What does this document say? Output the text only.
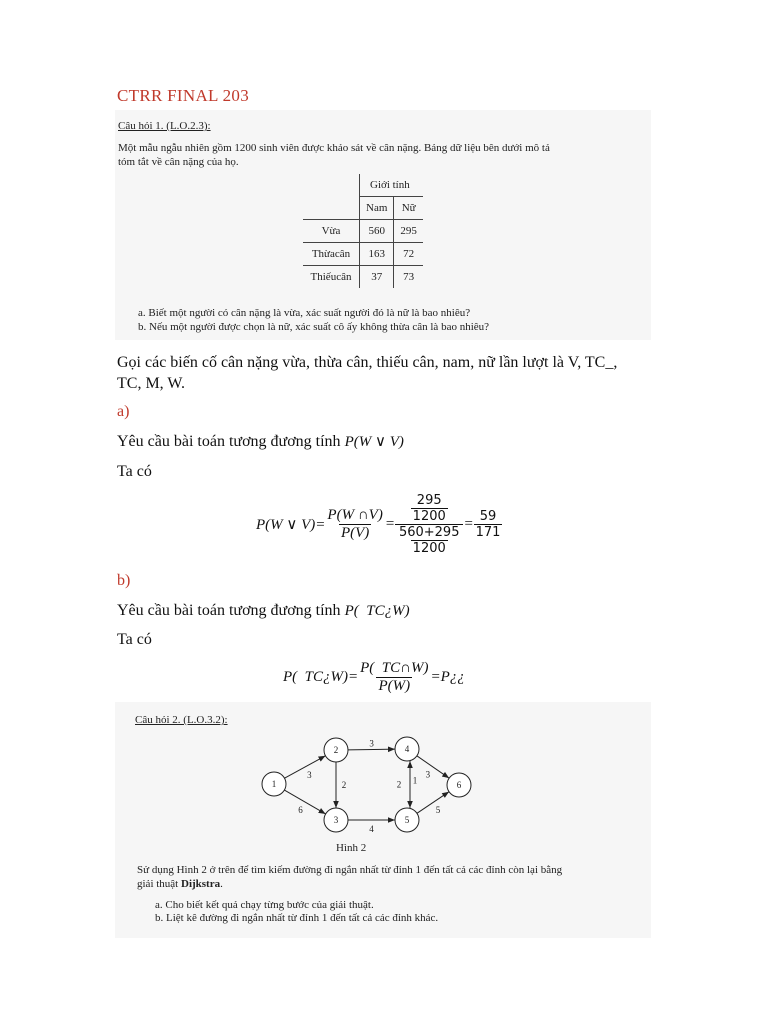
CTRR FINAL 203
Câu hỏi 1. (L.O.2.3):
Một mẫu ngẫu nhiên gồm 1200 sinh viên được khảo sát về cân nặng. Bảng dữ liệu bên dưới mô tả
tóm tắt về cân nặng của họ.
	Giới tính	
	Nam	Nữ
Vừa	560	295
Thừacân	163	72
Thiếucân	37	73
a. Biết một người có cân nặng là vừa, xác suất người đó là nữ là bao nhiêu?
b. Nếu một người được chọn là nữ, xác suất cô ấy không thừa cân là bao nhiêu?
Gọi các biến cố cân nặng vừa, thừa cân, thiếu cân, nam, nữ lần lượt là V, TC_,
TC, M, W.
a)
Yêu cầu bài toán tương đương tính P(W ∨ V)
Ta có
P(W ∨ $V)= \frac{P(W \cap V)}{P(V)} = \frac{\frac{295}{1200}}{\frac{560+295}{1200}} = \frac{59}{171}$
b)
Yêu cầu bài toán tương đương tính P(  TC¿W)
Ta có
P(  TC¿W)= $\frac{P( TC\cap W)}{P(W)}$ =P¿¿
Câu hỏi 2. (L.O.3.2):
3
6
2
3
4
2 1
3
5
1
2
3
4
5
6
Hình 2
Sử dụng Hình 2 ở trên để tìm kiếm đường đi ngắn nhất từ đỉnh 1 đến tất cả các đỉnh còn lại bằng
giải thuật Dijkstra.
a. Cho biết kết quả chạy từng bước của giải thuật.
b. Liệt kê đường đi ngắn nhất từ đỉnh 1 đến tất cả các đỉnh khác.
